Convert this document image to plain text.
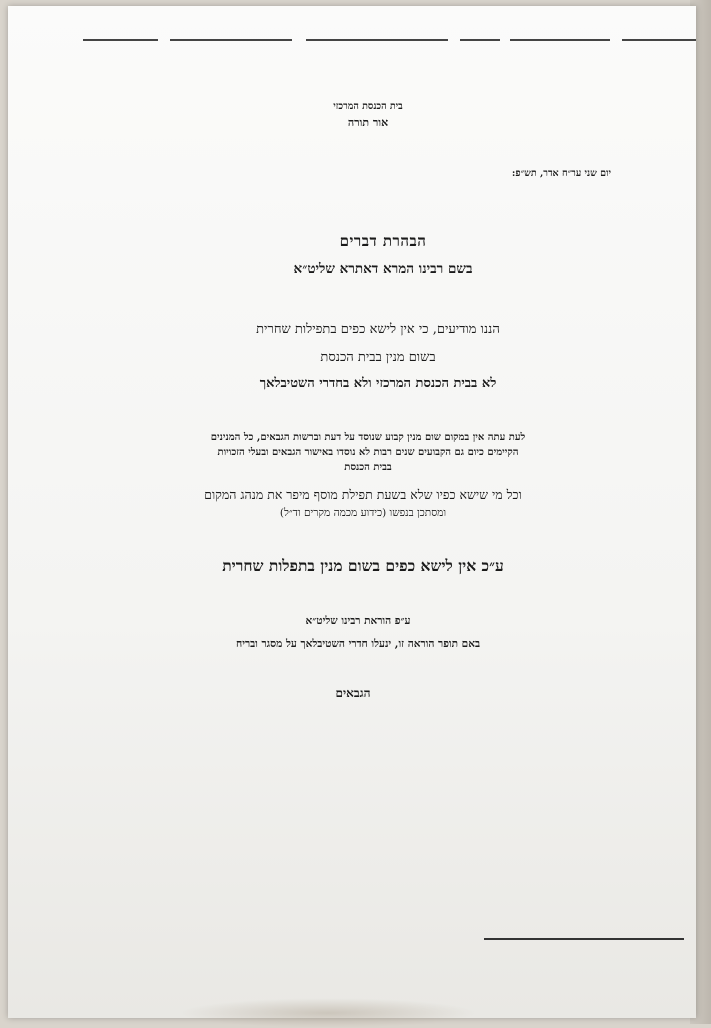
בית הכנסת המרכזי
אור תורה
יום שני ער״ח אדר, תש״פ:
הבהרת דברים
בשם רבינו המרא דאתרא שליט״א
הננו מודיעים, כי אין לישא כפים בתפילות שחרית
בשום מנין בבית הכנסת
לא בבית הכנסת המרכזי ולא בחדרי השטיבלאך
לעת עתה אין במקום שום מנין קבוע שנוסד על דעת וברשות הגבאים, כל המנינים
הקיימים כיום גם הקבועים שנים רבות לא נוסדו באישור הגבאים ובעלי הזכויות
בבית הכנסת
וכל מי שישא כפיו שלא בשעת תפילת מוסף מיפר את מנהג המקום
ומסתכן בנפשו (כידוע מכמה מקרים וד״ל)
ע״כ אין לישא כפים בשום מנין בתפלות שחרית
ע״פ הוראת רבינו שליט״א
באם תופר הוראה זו, ינעלו חדרי השטיבלאך על מסגר ובריח
הגבאים
